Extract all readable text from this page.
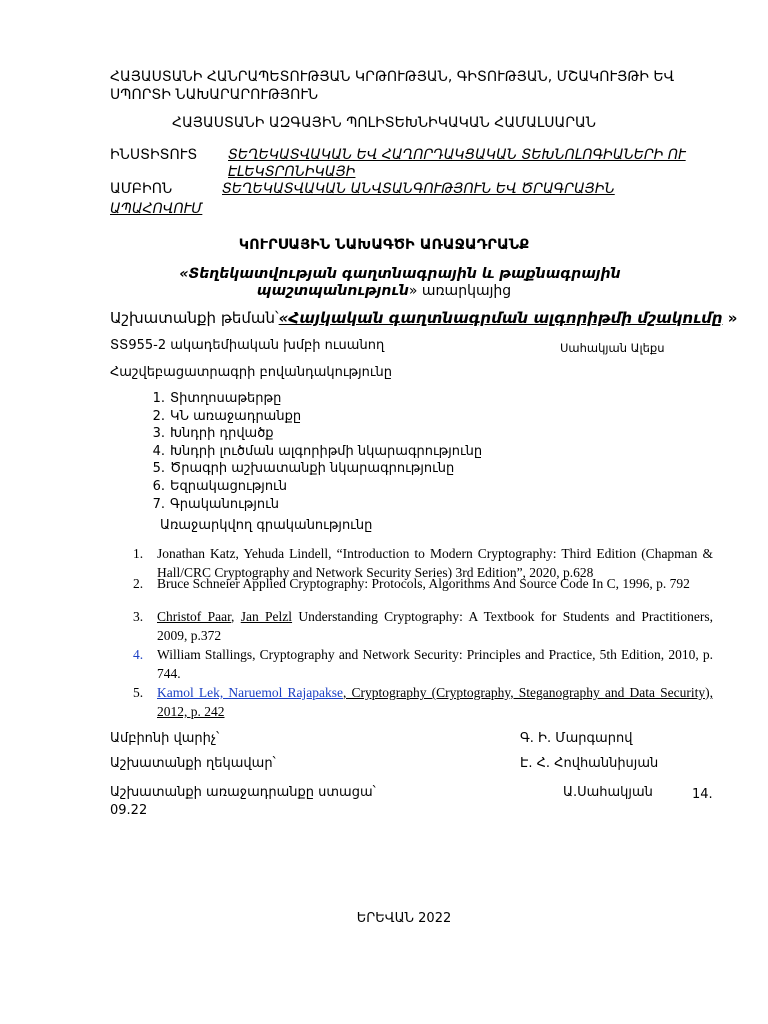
ՀԱՅԱՍՏԱՆԻ ՀԱՆՐԱՊԵՏՈՒԹՅԱՆ ԿՐԹՈՒԹՅԱՆ, ԳԻՏՈՒԹՅԱՆ, ՄՇԱԿՈՒՅԹԻ ԵՎ
ՍՊՈՐՏԻ ՆԱԽԱՐԱՐՈՒԹՅՈՒՆ
ՀԱՅԱՍՏԱՆԻ ԱԶԳԱՅԻՆ ՊՈԼԻՏԵԽՆԻԿԱԿԱՆ ՀԱՄԱԼՍԱՐԱՆ
ԻՆՍՏԻՏՈՒՏ ՏԵՂԵԿԱՏՎԱԿԱՆ ԵՎ ՀԱՂՈՐԴԱԿՑԱԿԱՆ ՏԵԽՆՈԼՈԳԻԱՆԵՐԻ ՈՒ
ԷԼԵԿՏՐՈՆԻԿԱՅԻ
ԱՄԲԻՈՆ	ՏԵՂԵԿԱՏՎԱԿԱՆ ԱՆՎՏԱՆԳՈՒԹՅՈՒՆ ԵՎ ԾՐԱԳՐԱՅԻՆ
ԱՊԱՀՈՎՈՒՄ
ԿՈՒՐՍԱՅԻՆ ՆԱԽԱԳԾԻ ԱՌԱՋԱԴՐԱՆՔ
«Տեղեկատվության գաղտնագրային և թաքնագրային
պաշտպանություն» առարկայից
Աշխատանքի թեման՝«Հայկական գաղտնագրման ալգորիթմի մշակումը »
ՏՏ955-2 ակադեմիական խմբի ուսանող	Սահակյան Ալեքս
Հաշվեբացատրագրի բովանդակությունը
1. Տիտղոսաթերթը
2. ԿՆ առաջադրանքը
3. Խնդրի դրվածք
4. Խնդրի լուծման ալգորիթմի նկարագրությունը
5. Ծրագրի աշխատանքի նկարագրությունը
6. Եզրակացություն
7. Գրականություն
Առաջարկվող գրականությունը
1.	Jonathan Katz, Yehuda Lindell, “Introduction to Modern Cryptography: Third Edition (Chapman & Hall/CRC Cryptography and Network Security Series) 3rd Edition”, 2020, p.628
2.	Bruce Schneier Applied Cryptography: Protocols, Algorithms And Source Code In C, 1996, p. 792
3.	Christof Paar, Jan Pelzl Understanding Cryptography: A Textbook for Students and Practitioners, 2009, p.372
4.	William Stallings, Cryptography and Network Security: Principles and Practice, 5th Edition, 2010, p. 744.
5.	Kamol Lek, Naruemol Rajapakse, Cryptography (Cryptography, Steganography and Data Security), 2012, p. 242
Ամբիոնի վարիչ՝	Գ. Ի. Մարգարով
Աշխատանքի ղեկավար՝	Է. Հ. Հովհաննիսյան
Աշխատանքի առաջադրանքը ստացա՝	Ա.Սահակյան	14.
09.22
ԵՐԵՎԱՆ 2022
